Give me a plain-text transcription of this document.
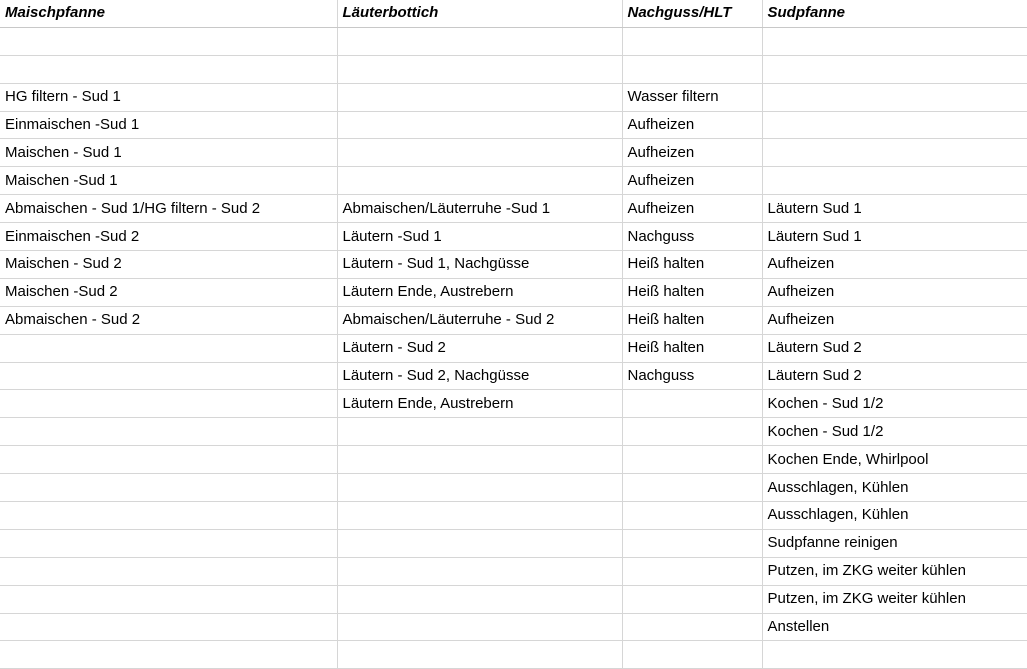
Maischpfanne	Läuterbottich	Nachguss/HLT	Sudpfanne

HG filtern - Sud 1		Wasser filtern	
Einmaischen -Sud 1		Aufheizen	
Maischen - Sud 1		Aufheizen	
Maischen -Sud 1		Aufheizen	
Abmaischen - Sud 1/HG filtern - Sud 2	Abmaischen/Läuterruhe -Sud 1	Aufheizen	Läutern Sud 1
Einmaischen -Sud 2	Läutern -Sud 1	Nachguss	Läutern Sud 1
Maischen - Sud 2	Läutern - Sud 1, Nachgüsse	Heiß halten	Aufheizen
Maischen -Sud 2	Läutern Ende, Austrebern	Heiß halten	Aufheizen
Abmaischen - Sud 2	Abmaischen/Läuterruhe - Sud 2	Heiß halten	Aufheizen
	Läutern - Sud 2	Heiß halten	Läutern Sud 2
	Läutern - Sud 2, Nachgüsse	Nachguss	Läutern Sud 2
	Läutern Ende, Austrebern		Kochen - Sud 1/2
			Kochen - Sud 1/2
			Kochen Ende, Whirlpool
			Ausschlagen, Kühlen
			Ausschlagen, Kühlen
			Sudpfanne reinigen
			Putzen, im ZKG weiter kühlen
			Putzen, im ZKG weiter kühlen
			Anstellen
